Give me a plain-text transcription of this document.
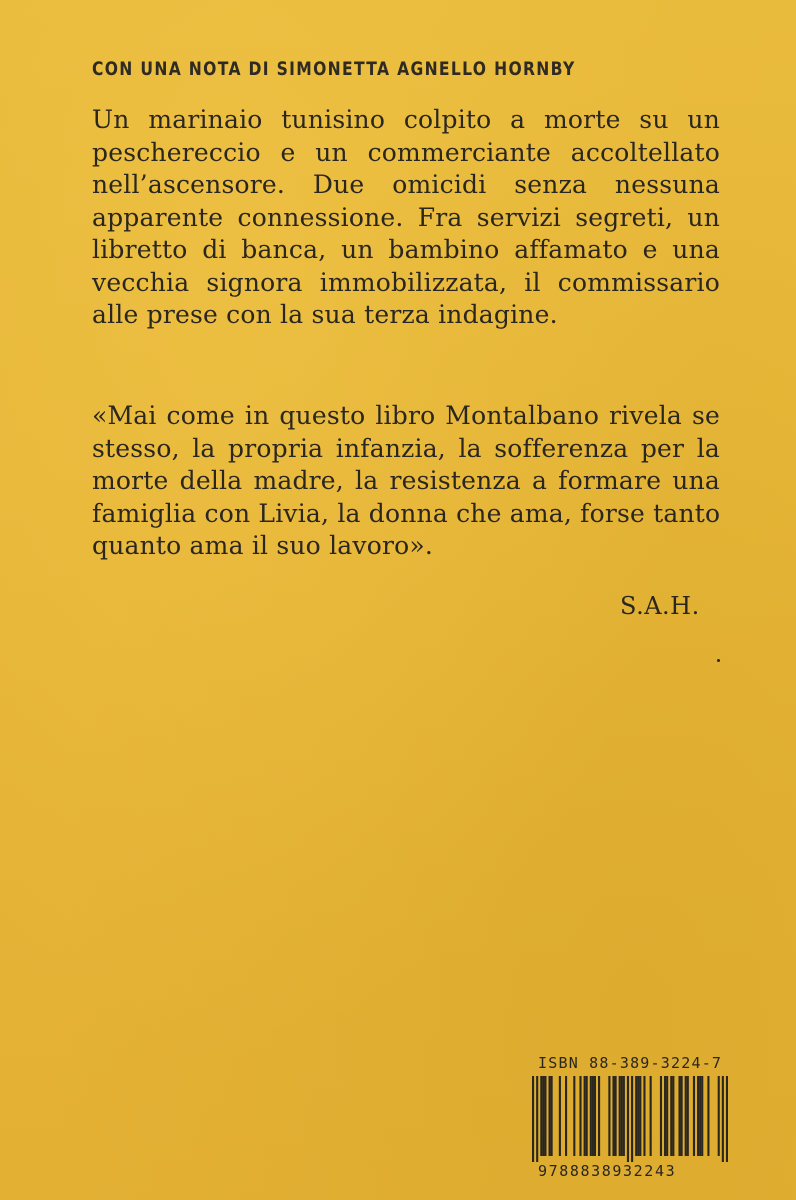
CON UNA NOTA DI SIMONETTA AGNELLO HORNBY
Un marinaio tunisino colpito a morte su un
peschereccio e un commerciante accoltellato
nell’ascensore. Due omicidi senza nessuna
apparente connessione. Fra servizi segreti, un
libretto di banca, un bambino affamato e una
vecchia signora immobilizzata, il commissario
alle prese con la sua terza indagine.
«Mai come in questo libro Montalbano rivela se
stesso, la propria infanzia, la sofferenza per la
morte della madre, la resistenza a formare una
famiglia con Livia, la donna che ama, forse tanto
quanto ama il suo lavoro».
S.A.H.
ISBN 88-389-3224-7
9788838932243
